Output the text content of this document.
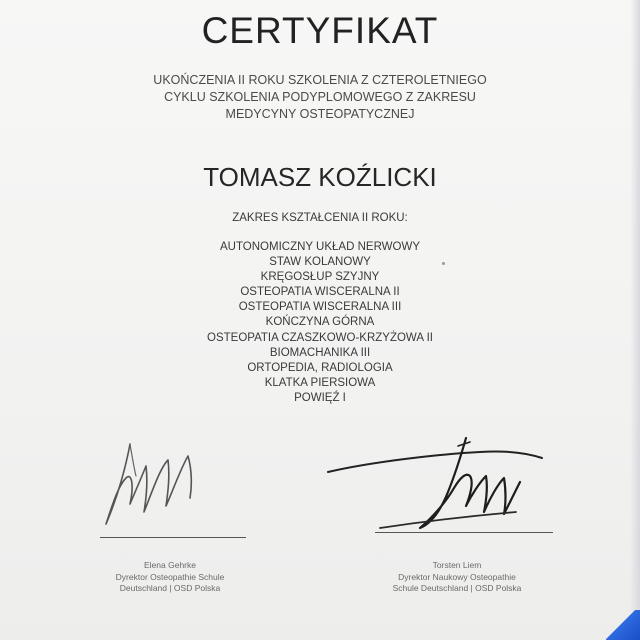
CERTYFIKAT
UKOŃCZENIA II ROKU SZKOLENIA Z CZTEROLETNIEGO
CYKLU SZKOLENIA PODYPLOMOWEGO Z ZAKRESU
MEDYCYNY OSTEOPATYCZNEJ
TOMASZ KOŹLICKI
ZAKRES KSZTAŁCENIA II ROKU:
AUTONOMICZNY UKŁAD NERWOWY
STAW KOLANOWY
KRĘGOSŁUP SZYJNY
OSTEOPATIA WISCERALNA II
OSTEOPATIA WISCERALNA III
KOŃCZYNA GÓRNA
OSTEOPATIA CZASZKOWO-KRZYŻOWA II
BIOMACHANIKA III
ORTOPEDIA, RADIOLOGIA
KLATKA PIERSIOWA
POWIĘŹ I
Elena Gehrke
Dyrektor Osteopathie Schule
Deutschland | OSD Polska
Torsten Liem
Dyrektor Naukowy Osteopathie
Schule Deutschland | OSD Polska
